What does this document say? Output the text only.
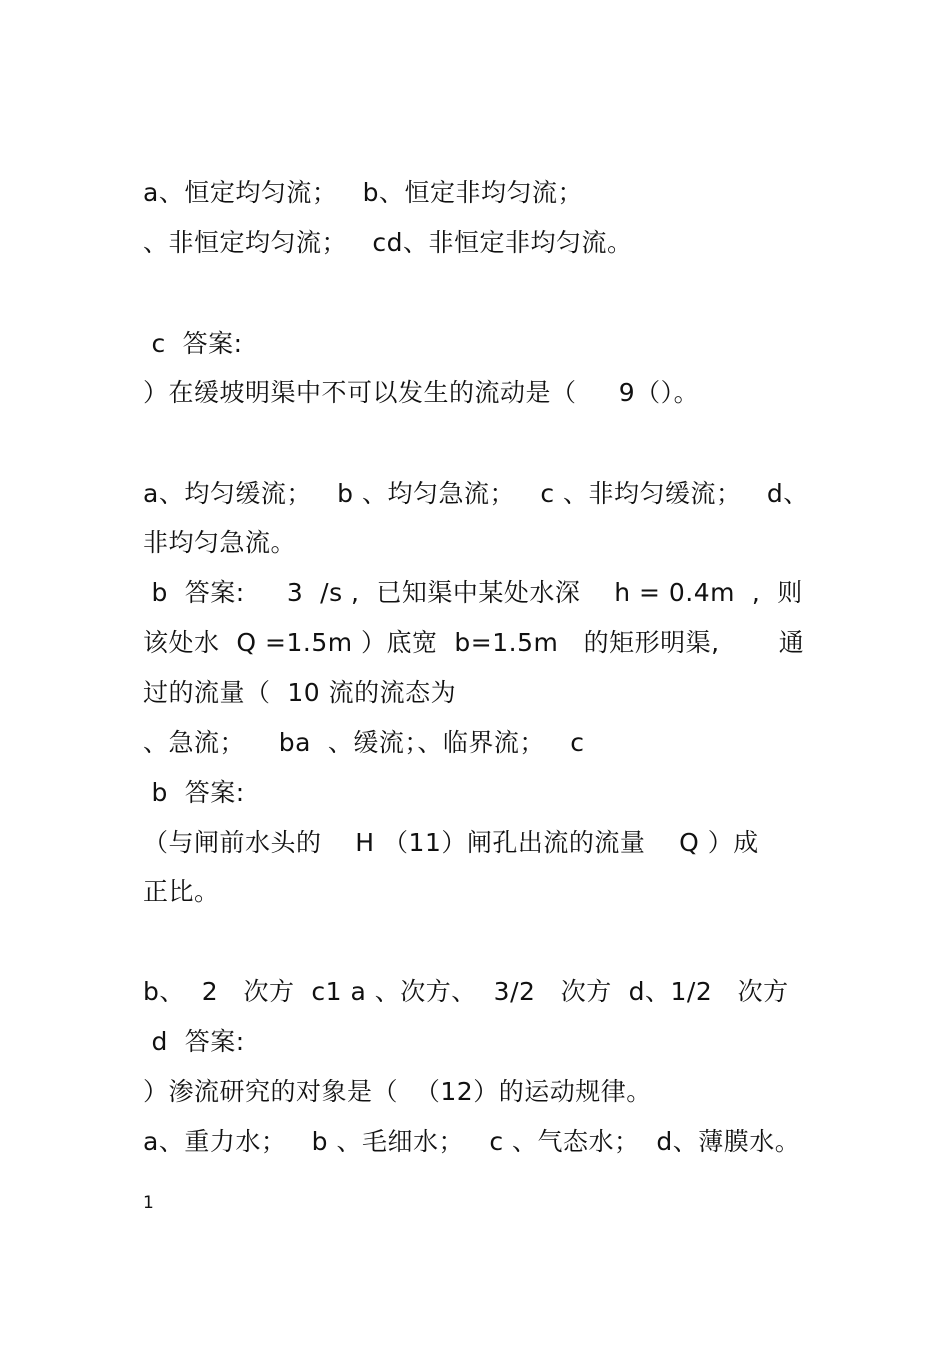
a、恒定均匀流；   b、恒定非均匀流；
、非恒定均匀流；   cd、非恒定非均匀流。
c  答案:
）在缓坡明渠中不可以发生的流动是（     9（）。
a、均匀缓流；   b 、均匀急流；   c 、非均匀缓流；   d、
非均匀急流。
b  答案:     3  /s ,  已知渠中某处水深    h = 0.4m  ,  则
该处水  Q =1.5m ）底宽  b=1.5m   的矩形明渠,       通
过的流量（  10 流的流态为
、急流；    ba  、缓流；、临界流；   c
b  答案:
（与闸前水头的    H （11）闸孔出流的流量    Q ）成
正比。
b、  2   次方  c1 a 、次方、  3/2   次方  d、1/2   次方
d  答案:
）渗流研究的对象是（  （12）的运动规律。
a、重力水；   b 、毛细水；   c 、气态水；  d、薄膜水。
1
